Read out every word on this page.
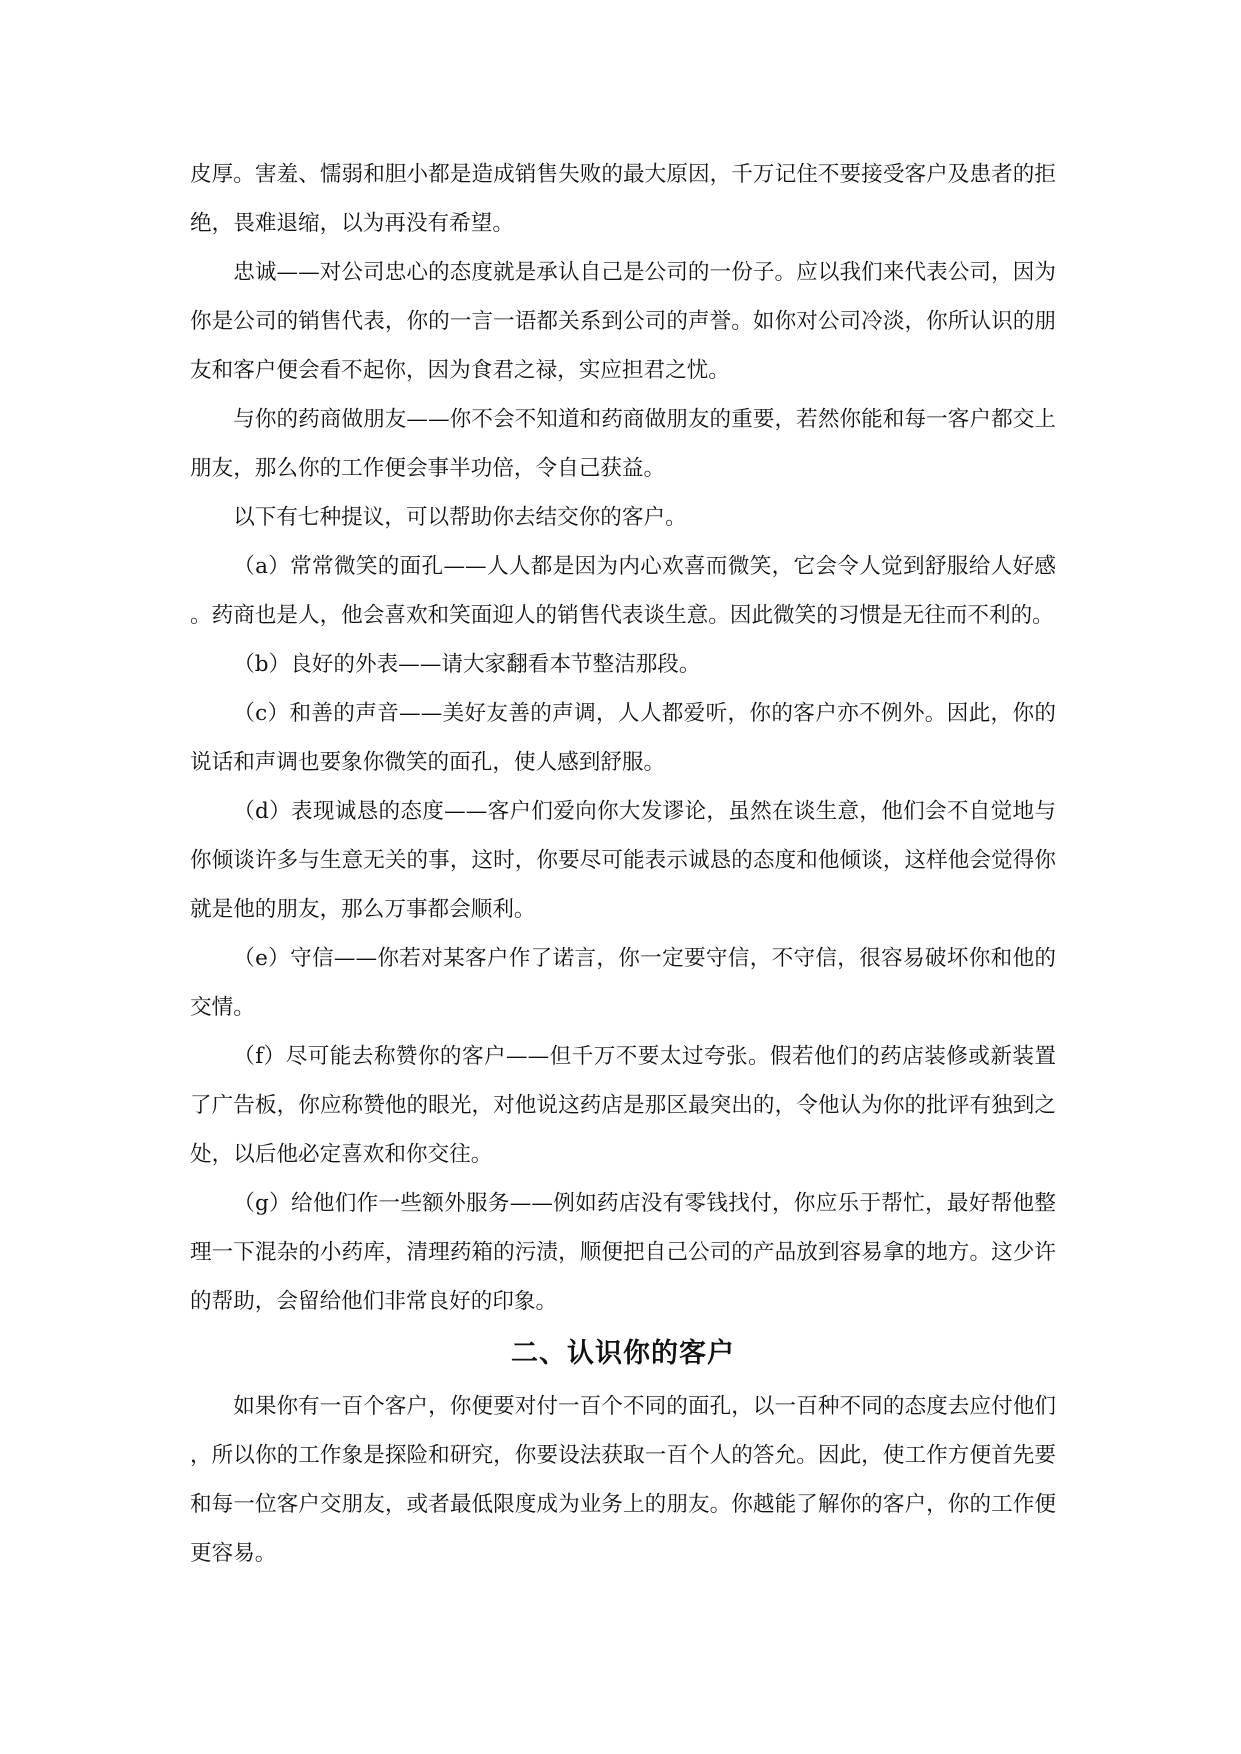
皮厚。害羞、懦弱和胆小都是造成销售失败的最大原因，千万记住不要接受客户及患者的拒绝，畏难退缩，以为再没有希望。

忠诚——对公司忠心的态度就是承认自己是公司的一份子。应以我们来代表公司，因为你是公司的销售代表，你的一言一语都关系到公司的声誉。如你对公司冷淡，你所认识的朋友和客户便会看不起你，因为食君之禄，实应担君之忧。

与你的药商做朋友——你不会不知道和药商做朋友的重要，若然你能和每一客户都交上朋友，那么你的工作便会事半功倍，令自己获益。

以下有七种提议，可以帮助你去结交你的客户。

（a）常常微笑的面孔——人人都是因为内心欢喜而微笑，它会令人觉到舒服给人好感。药商也是人，他会喜欢和笑面迎人的销售代表谈生意。因此微笑的习惯是无往而不利的。

（b）良好的外表——请大家翻看本节整洁那段。

（c）和善的声音——美好友善的声调，人人都爱听，你的客户亦不例外。因此，你的说话和声调也要象你微笑的面孔，使人感到舒服。

（d）表现诚恳的态度——客户们爱向你大发谬论，虽然在谈生意，他们会不自觉地与你倾谈许多与生意无关的事，这时，你要尽可能表示诚恳的态度和他倾谈，这样他会觉得你就是他的朋友，那么万事都会顺利。

（e）守信——你若对某客户作了诺言，你一定要守信，不守信，很容易破坏你和他的交情。

（f）尽可能去称赞你的客户——但千万不要太过夸张。假若他们的药店装修或新装置了广告板，你应称赞他的眼光，对他说这药店是那区最突出的，令他认为你的批评有独到之处，以后他必定喜欢和你交往。

（g）给他们作一些额外服务——例如药店没有零钱找付，你应乐于帮忙，最好帮他整理一下混杂的小药库，清理药箱的污渍，顺便把自己公司的产品放到容易拿的地方。这少许的帮助，会留给他们非常良好的印象。

二、认识你的客户

如果你有一百个客户，你便要对付一百个不同的面孔，以一百种不同的态度去应付他们，所以你的工作象是探险和研究，你要设法获取一百个人的答允。因此，使工作方便首先要和每一位客户交朋友，或者最低限度成为业务上的朋友。你越能了解你的客户，你的工作便更容易。
